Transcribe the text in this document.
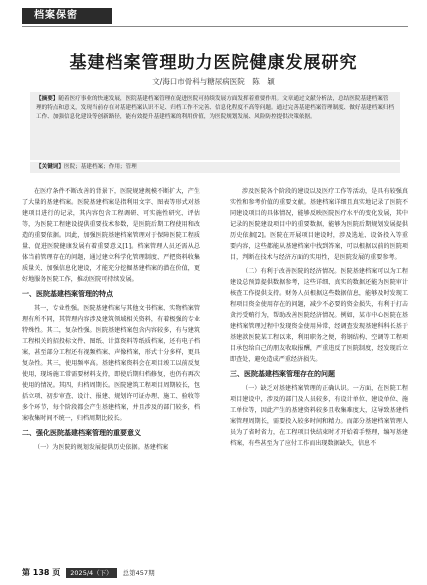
档案保密
基建档案管理助力医院健康发展研究
文/海口市骨科与糖尿病医院　陈　颖
【摘要】随着医疗事业的快速发展，医院基建档案管理在促进医院可持续发展方面发挥着重要作用。文章通过文献分析法，总结医院基建档案管理的特点和意义，发现当前存在对基建档案认识不足、归档工作不完善、信息化程度不高等问题。通过完善基建档案管理制度、做好基建档案归档工作、加强信息化建设等创新路径，能有效提升基建档案的利用价值，为医院规划发展、风险防控提供决策依据。
【关键词】医院；基建档案；作用；管理

在医疗条件不断改善的背景下，医院规建规模不断扩大，产生了大量的基建档案。医院基建档案是指利用文字、图表等形式对基建项目进行的记录，其内容包含工程调研、可实施性研究、评估等，为医院工程建设提供重要技术参数，是医院后期工程使用和改造的重要依据。因此，加强医院基建档案管理对于保障医院工程质量、促进医院健康发展有着重要意义[1]。档案管理人员还需从总体当前管理存在的问题，通过建立科学化管理制度、严把资料收集质量关、加强信息化建设，才能充分挖掘基建档案的潜在价值，更好地服务医院工作，推动医院可持续发展。

一、医院基建档案管理的特点

其一，专业性强。医院基建档案与其他文书档案、实物档案管理有所不同，其管理内容涉及建筑领域相关资料，有着极强的专业特殊性。其二，复杂性强。医院基建档案包含内容较多，有与建筑工程相关的招投标文件、图纸、计算资料等纸质档案，还有电子档案，甚至部分工程还有视频档案、声像档案，形式十分多样，更具复杂性。其三，使用频率高。基建档案资料会在项目竣工以前反复使用，现场施工常需要材料支持，即使后期归档修复，也仍有再次使用的情况。其四，归档周期长。医院建筑工程项目周期较长，包括立项、初步审查、设计、报建、规划许可证办理、施工、验收等多个环节，每个阶段都会产生基建档案，并且涉及的部门较多，档案收集时间不统一，归档周期比较长。

二、强化医院基建档案管理的重要意义
（一）为医院的规划发展提供历史依据。基建档案

涉及医院各个阶段的建设以及医疗工作等活动，是具有较强真实性和参考价值的重要文献。基建档案详细且真实地记录了医院不同建设项目的具体情况，能够反映医院医疗水平的变化发展，其中记录的医院建设项目中的重要数据，能够为医院后期规划发展提供历史依据[2]。医院在开展项目建设时，涉及选址、设备投入等重要内容，这些都能从基建档案中找到答案，可以根据以前的医院项目，判断在技术与经济方面的实用性，是医院发展的重要参考。

（二）有利于改善医院的经济情况。医院基建档案可以为工程建设总预算提供数据参考，这些详细、真实的数据还能为医院审计核查工作提供支持。财务人员根据这些数据信息，能够及时发现工程项目资金使用存在的问题，减少不必要的资金损失，有利于打击贪污受贿行为，帮助改善医院经济情况。例如，某市中心医院在基建档案管理过程中发现资金使用异常，经调查发现基建科科长基于基建款医院某工程以来，利用职务之便，将钢结构、空调等工程项目承包给自己的朋友收取报酬，严重违反了医院制度，经发现后立即查处，避免造成严重经济损失。
三、医院基建档案管理存在的问题
（一）缺乏对基建档案管理的正确认识。一方面，在医院工程项目建设中，涉及的部门及人员较多，有设计单位、建设单位、施工单位等，因此产生的基建资料较多且收集难度大，这导致基建档案管理周期长，需要投入较多时间和精力。而部分基建档案管理人员为了省时省力，在工程项目快结束时才开始着手整理，编写基建档案，有些甚至为了应付工作而出现数据缺失，信息不
第 138 页 2025/4（下） 总第457期
